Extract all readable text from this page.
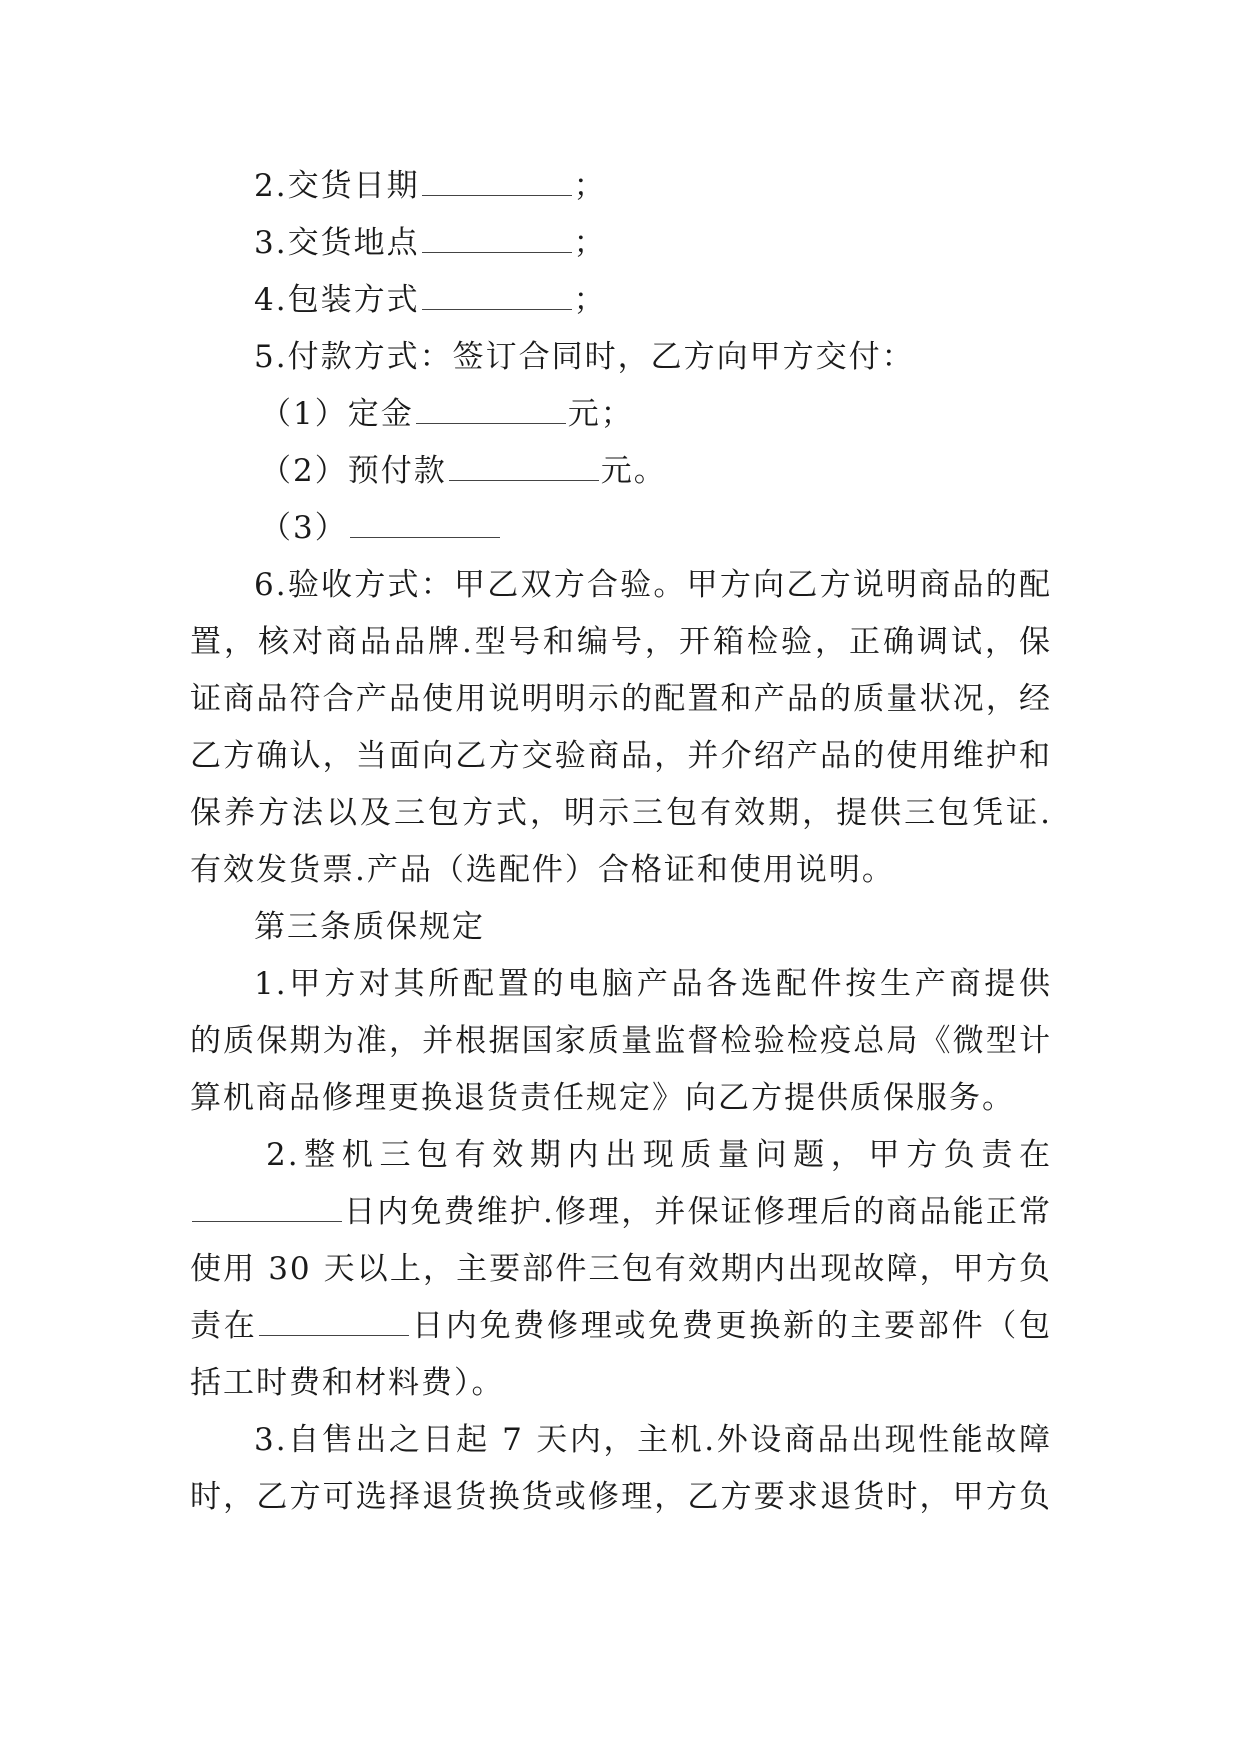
2.交货日期	；
3.交货地点	；
4.包装方式	；
5.付款方式：签订合同时，乙方向甲方交付：
（1）定金	元；
（2）预付款	元。
（3）
6.验收方式：甲乙双方合验。甲方向乙方说明商品的配
置，核对商品品牌.型号和编号，开箱检验，正确调试，保
证商品符合产品使用说明明示的配置和产品的质量状况，经
乙方确认，当面向乙方交验商品，并介绍产品的使用维护和
保养方法以及三包方式，明示三包有效期，提供三包凭证.
有效发货票.产品（选配件）合格证和使用说明。
第三条质保规定
1.甲方对其所配置的电脑产品各选配件按生产商提供
的质保期为准，并根据国家质量监督检验检疫总局《微型计
算机商品修理更换退货责任规定》向乙方提供质保服务。
2.整机三包有效期内出现质量问题，甲方负责在
日内免费维护.修理，并保证修理后的商品能正常
使用 30 天以上，主要部件三包有效期内出现故障，甲方负
责在	日内免费修理或免费更换新的主要部件（包
括工时费和材料费）。
3.自售出之日起 7 天内，主机.外设商品出现性能故障
时，乙方可选择退货换货或修理，乙方要求退货时，甲方负
